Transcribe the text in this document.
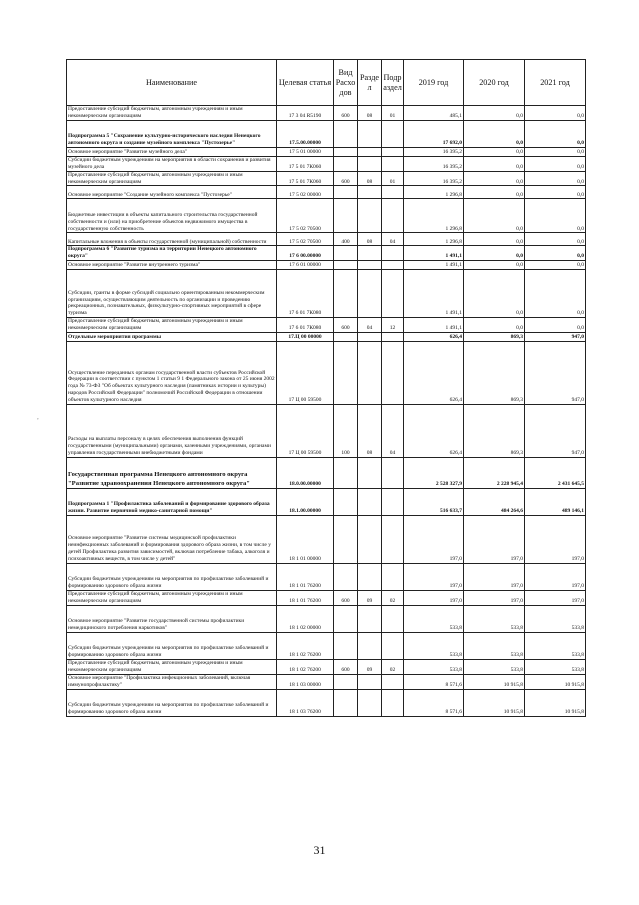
Наименование	Целевая статья	Вид Расхо дов	Разде л	Подр аздел	2019 год	2020 год	2021 год
Предоставление субсидий бюджетным, автономным учреждениям и иным некоммерческим организациям	17 3 04 R5190	600	08	01	485,1	0,0	0,0
Подпрограмма 5 "Сохранение культурно-исторического наследия Ненецкого автономного округа и создание музейного комплекса "Пустозерье"	17.5.00.00000				17 692,0	0,0	0,0
Основное мероприятие "Развитие музейного дела"	17 5 01 00000				16 395,2	0,0	0,0
Субсидии бюджетным учреждениям на мероприятия в области сохранения и развития музейного дела	17 5 01 7К060				16 395,2	0,0	0,0
Предоставление субсидий бюджетным, автономным учреждениям и иным некоммерческим организациям	17 5 01 7К060	600	08	01	16 395,2	0,0	0,0
Основное мероприятие "Создание музейного комплекса "Пустозерье"	17 5 02 00000				1 296,8	0,0	0,0
Бюджетные инвестиции в объекты капитального строительства государственной собственности и (или) на приобретение объектов недвижимого имущества в государственную собственность	17 5 02 70500				1 296,8	0,0	0,0
Капитальные вложения в объекты государственной (муниципальной) собственности	17 5 02 70500	400	08	04	1 296,8	0,0	0,0
Подпрограмма 6 "Развитие туризма на территории Ненецкого автономного округа"	17 6 00.00000				1 491,1	0,0	0,0
Основное мероприятие "Развитие внутреннего туризма"	17 6 01 00000				1 491,1	0,0	0,0
Субсидии, гранты в форме субсидий социально ориентированным некоммерческим организациям, осуществляющим деятельность по организации и проведению рекреационных, познавательных, физкультурно-спортивных мероприятий в сфере туризма	17 6 01 7К080				1 491,1	0,0	0,0
Предоставление субсидий бюджетным, автономным учреждениям и иным некоммерческим организациям	17 6 01 7К080	600	04	12	1 491,1	0,0	0,0
Отдельные мероприятия программы	17.Ц 00 00000				626,4	869,3	947,0
Осуществление переданных органам государственной власти субъектов Российской Федерации в соответствии с пунктом 1 статьи 9 1 Федерального закона от 25 июня 2002 года № 73-ФЗ "Об объектах культурного наследия (памятниках истории и культуры) народов Российской Федерации" полномочий Российской Федерации в отношении объектов культурного наследия	17 Ц 00 59500				626,4	869,3	947,0
Расходы на выплаты персоналу в целях обеспечения выполнения функций государственными (муниципальными) органами, казенными учреждениями, органами управления государственными внебюджетными фондами	17 Ц 00 59500	100	08	04	626,4	869,3	947,0
Государственная программа Ненецкого автономного округа "Развитие здравоохранения Ненецкого автономного округа"	18.0.00.00000				2 528 327,9	2 228 945,4	2 431 645,5
Подпрограмма 1 "Профилактика заболеваний и формирование здорового образа жизни. Развитие первичной медико-санитарной помощи"	18.1.00.00000				516 633,7	484 264,6	489 146,1
Основное мероприятие "Развитие системы медицинской профилактики неинфекционных заболеваний и формирования здорового образа жизни, в том числе у детей Профилактика развития зависимостей, включая потребление табака, алкоголя и психоактивных веществ, в том числе у детей"	18 1 01 00000				197,0	197,0	197,0
Субсидии бюджетным учреждениям на мероприятия по профилактике заболеваний и формированию здорового образа жизни	18 1 01 76200				197,0	197,0	197,0
Предоставление субсидий бюджетным, автономным учреждениям и иным некоммерческим организациям	18 1 01 76200	600	09	02	197,0	197,0	197,0
Основное мероприятие "Развитие государственной системы профилактики немедицинского потребления наркотиков"	18 1 02 00000				533,8	533,8	533,8
Субсидии бюджетным учреждениям на мероприятия по профилактике заболеваний и формированию здорового образа жизни	18 1 02 76200				533,8	533,8	533,8
Предоставление субсидий бюджетным, автономным учреждениям и иным некоммерческим организациям	18 1 02 76200	600	09	02	533,8	533,8	533,8
Основное мероприятие "Профилактика инфекционных заболеваний, включая иммунопрофилактику"	18 1 03 00000				8 571,6	10 915,8	10 915,8
Субсидии бюджетным учреждениям на мероприятия по профилактике заболеваний и формированию здорового образа жизни	18 1 03 76200				8 571,6	10 915,8	10 915,8
,
31
